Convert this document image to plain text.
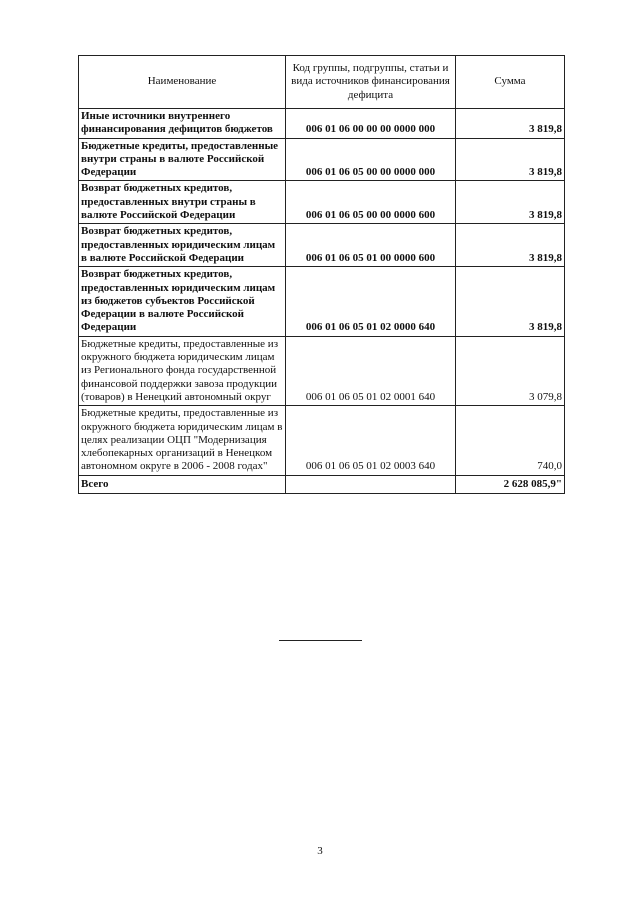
Наименование	Код группы, подгруппы, статьи и вида источников финансирования дефицита	Сумма
Иные источники внутреннего финансирования дефицитов бюджетов	006 01 06 00 00 00 0000 000	3 819,8
Бюджетные кредиты, предоставленные внутри страны в валюте Российской Федерации	006 01 06 05 00 00 0000 000	3 819,8
Возврат бюджетных кредитов, предоставленных внутри страны в валюте Российской Федерации	006 01 06 05 00 00 0000 600	3 819,8
Возврат бюджетных кредитов, предоставленных юридическим лицам в валюте Российской Федерации	006 01 06 05 01 00 0000 600	3 819,8
Возврат бюджетных кредитов, предоставленных юридическим лицам из бюджетов субъектов Российской Федерации в валюте Российской Федерации	006 01 06 05 01 02 0000 640	3 819,8
Бюджетные кредиты, предоставленные из окружного бюджета юридическим лицам из Регионального фонда государственной финансовой поддержки завоза продукции (товаров) в Ненецкий автономный округ	006 01 06 05 01 02 0001 640	3 079,8
Бюджетные кредиты, предоставленные из окружного бюджета юридическим лицам в целях реализации ОЦП "Модернизация хлебопекарных организаций в Ненецком автономном округе в 2006 - 2008 годах"	006 01 06 05 01 02 0003 640	740,0
Всего		2 628 085,9"
3
